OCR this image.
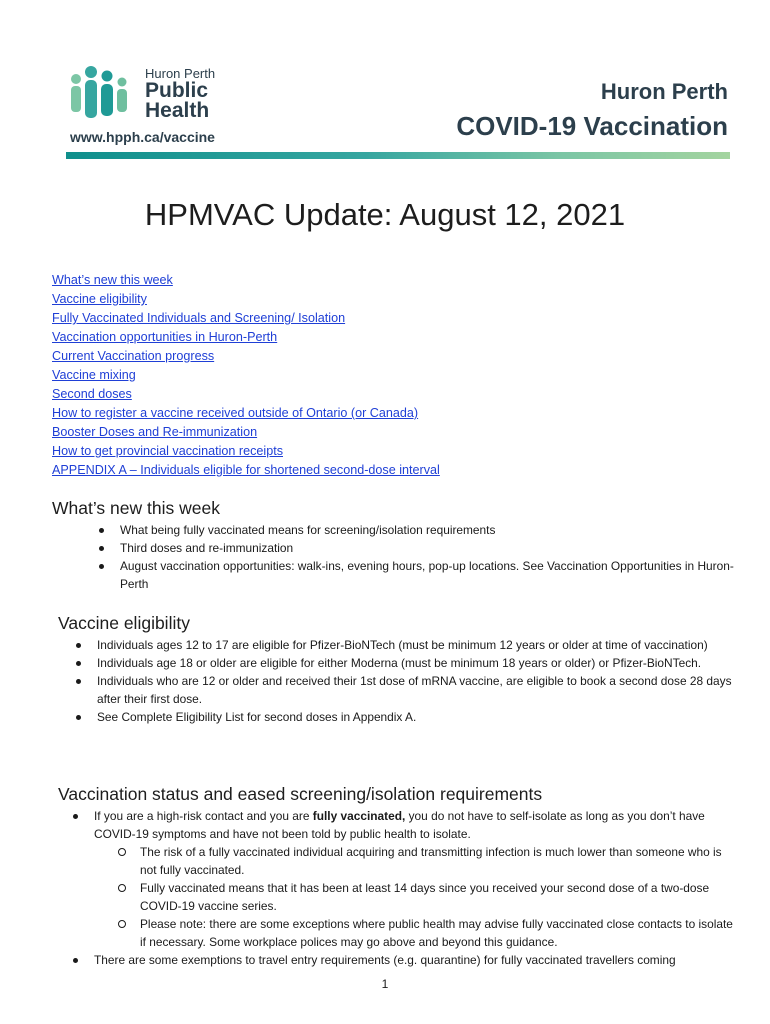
Huron Perth
Public
Health
www.hpph.ca/vaccine
Huron Perth
COVID-19 Vaccination
HPMVAC Update: August 12, 2021
What’s new this week
Vaccine eligibility
Fully Vaccinated Individuals and Screening/ Isolation
Vaccination opportunities in Huron-Perth
Current Vaccination progress
Vaccine mixing
Second doses
How to register a vaccine received outside of Ontario (or Canada)
Booster Doses and Re-immunization
How to get provincial vaccination receipts
APPENDIX A – Individuals eligible for shortened second-dose interval
What’s new this week
What being fully vaccinated means for screening/isolation requirements
Third doses and re-immunization
August vaccination opportunities: walk-ins, evening hours, pop-up locations. See Vaccination Opportunities in Huron-Perth
Vaccine eligibility
Individuals ages 12 to 17 are eligible for Pfizer-BioNTech (must be minimum 12 years or older at time of vaccination)
Individuals age 18 or older are eligible for either Moderna (must be minimum 18 years or older) or Pfizer-BioNTech.
Individuals who are 12 or older and received their 1st dose of mRNA vaccine, are eligible to book a second dose 28 days after their first dose.
See Complete Eligibility List for second doses in Appendix A.
Vaccination status and eased screening/isolation requirements
If you are a high-risk contact and you are fully vaccinated, you do not have to self-isolate as long as you don’t have COVID-19 symptoms and have not been told by public health to isolate.
The risk of a fully vaccinated individual acquiring and transmitting infection is much lower than someone who is not fully vaccinated.
Fully vaccinated means that it has been at least 14 days since you received your second dose of a two-dose COVID-19 vaccine series.
Please note: there are some exceptions where public health may advise fully vaccinated close contacts to isolate if necessary. Some workplace polices may go above and beyond this guidance.
There are some exemptions to travel entry requirements (e.g. quarantine) for fully vaccinated travellers coming
1
